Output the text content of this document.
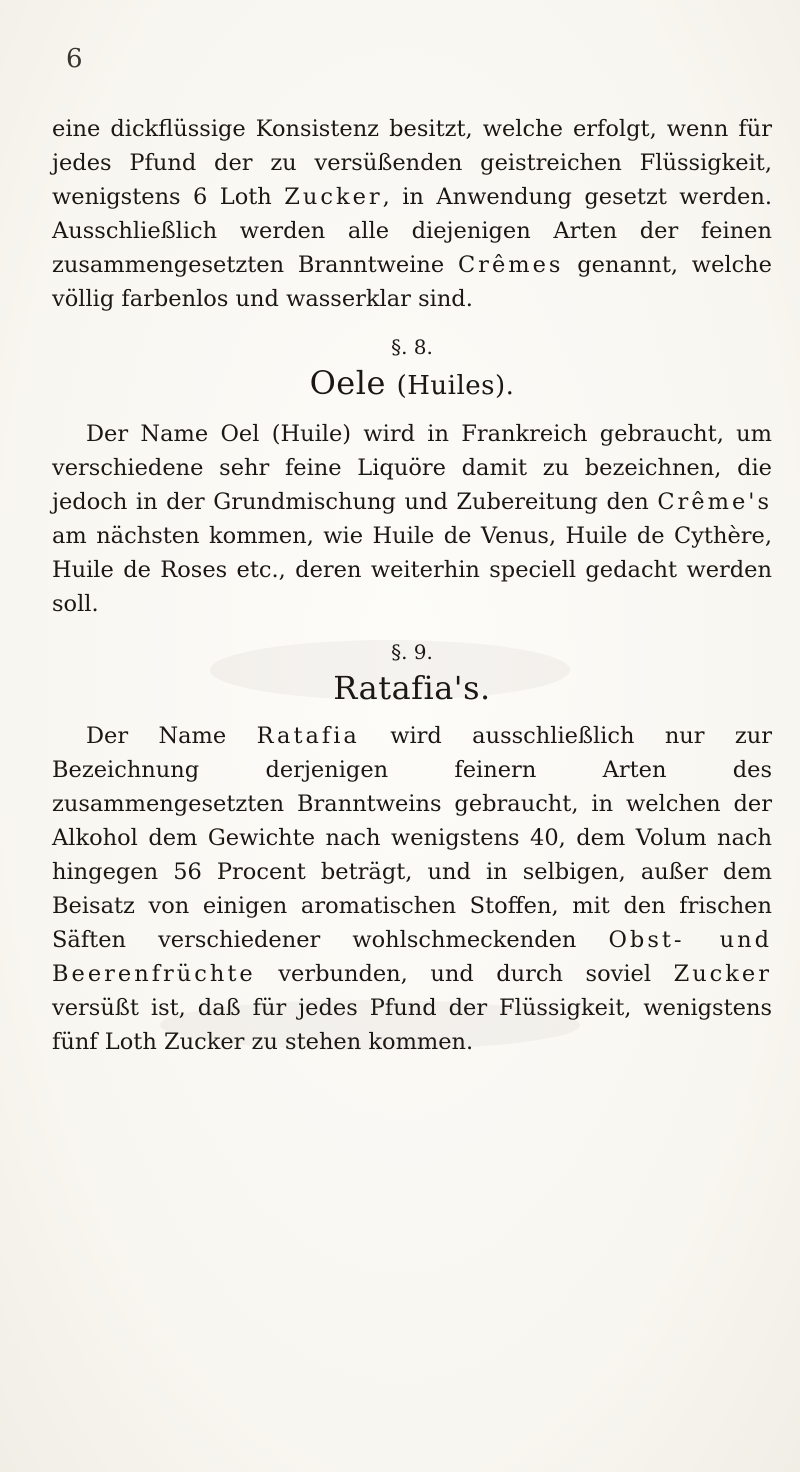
6

eine dickflüssige Konsistenz besitzt, welche erfolgt, wenn für jedes Pfund der zu versüßenden geistreichen Flüssigkeit, wenigstens 6 Loth Zucker, in Anwendung gesetzt werden. Ausschließlich werden alle diejenigen Arten der feinen zusammengesetzten Branntweine Crêmes genannt, welche völlig farbenlos und wasserklar sind.

§. 8.
Oele (Huiles).

Der Name Oel (Huile) wird in Frankreich gebraucht, um verschiedene sehr feine Liquöre damit zu bezeichnen, die jedoch in der Grundmischung und Zubereitung den Crême's am nächsten kommen, wie Huile de Venus, Huile de Cythère, Huile de Roses etc., deren weiterhin speciell gedacht werden soll.

§. 9.
Ratafia's.

Der Name Ratafia wird ausschließlich nur zur Bezeichnung derjenigen feinern Arten des zusammengesetzten Branntweins gebraucht, in welchen der Alkohol dem Gewichte nach wenigstens 40, dem Volum nach hingegen 56 Procent beträgt, und in selbigen, außer dem Beisatz von einigen aromatischen Stoffen, mit den frischen Säften verschiedener wohlschmeckenden Obst- und Beerenfrüchte verbunden, und durch soviel Zucker versüßt ist, daß für jedes Pfund der Flüssigkeit, wenigstens fünf Loth Zucker zu stehen kommen.
